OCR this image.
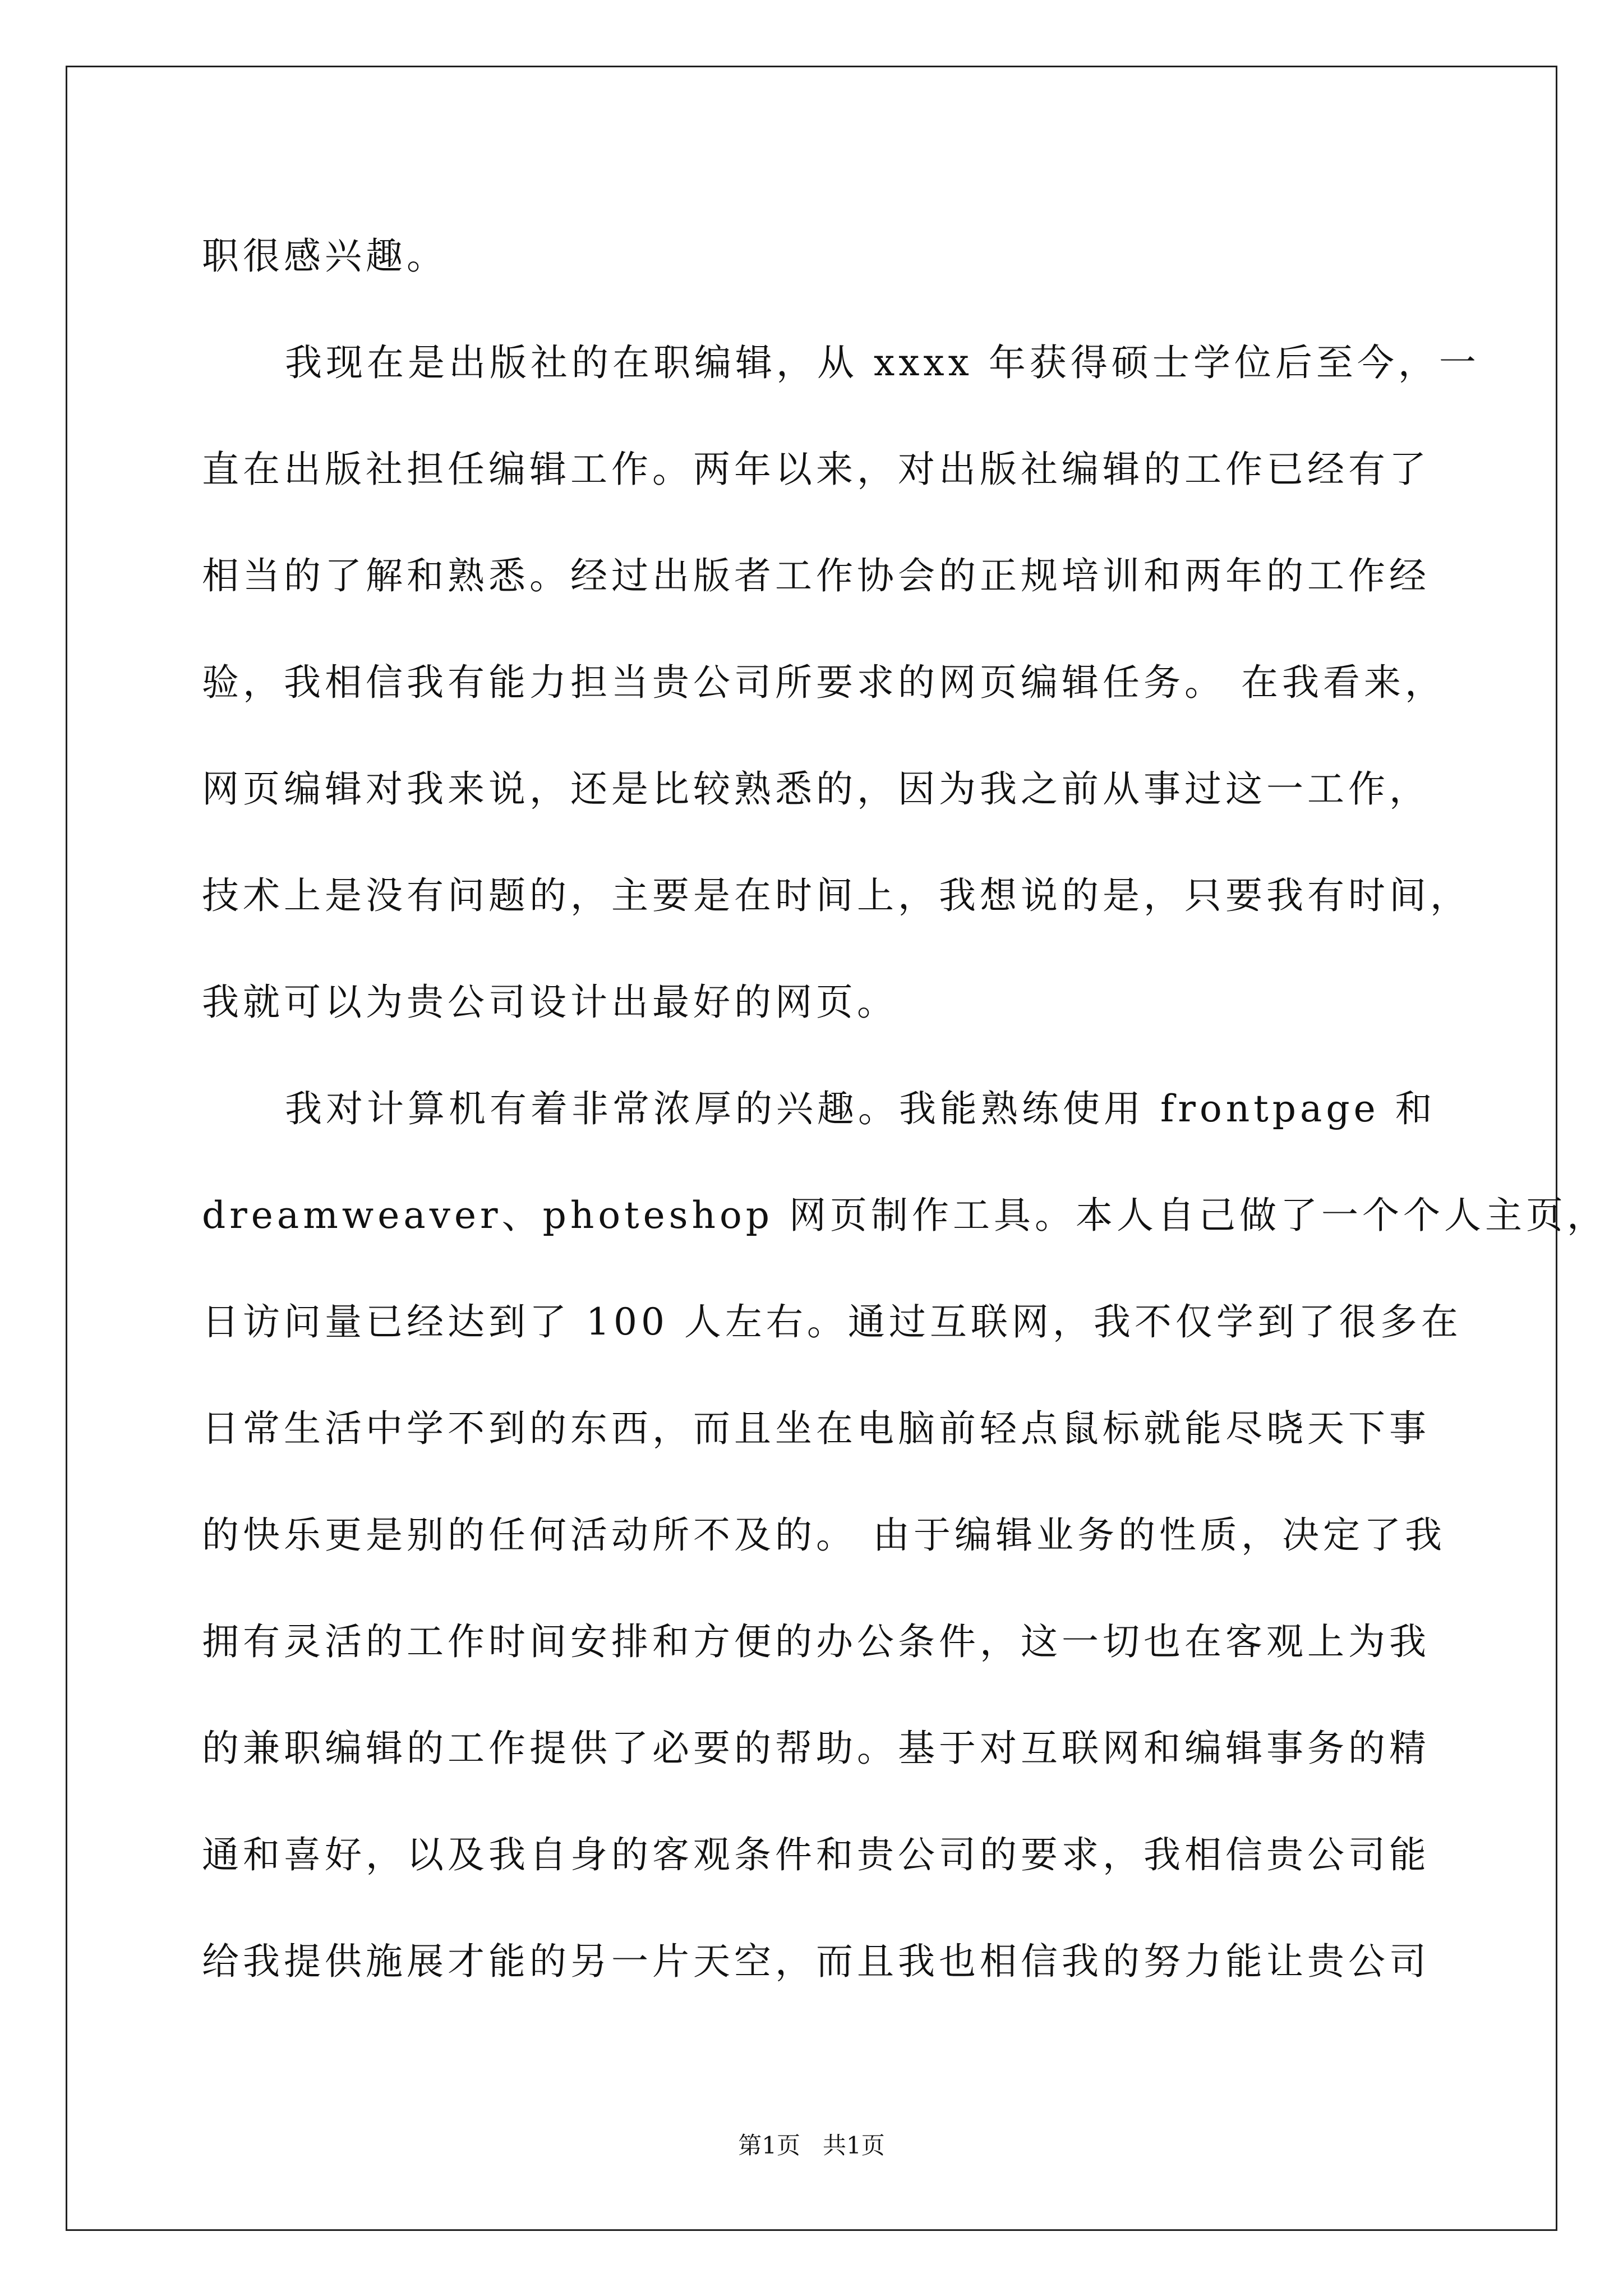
职很感兴趣。
我现在是出版社的在职编辑，从 xxxx 年获得硕士学位后至今，一
直在出版社担任编辑工作。两年以来，对出版社编辑的工作已经有了
相当的了解和熟悉。经过出版者工作协会的正规培训和两年的工作经
验，我相信我有能力担当贵公司所要求的网页编辑任务。 在我看来，
网页编辑对我来说，还是比较熟悉的，因为我之前从事过这一工作，
技术上是没有问题的，主要是在时间上，我想说的是，只要我有时间，
我就可以为贵公司设计出最好的网页。
我对计算机有着非常浓厚的兴趣。我能熟练使用 frontpage 和
dreamweaver、photeshop 网页制作工具。本人自己做了一个个人主页，
日访问量已经达到了 100 人左右。通过互联网，我不仅学到了很多在
日常生活中学不到的东西，而且坐在电脑前轻点鼠标就能尽晓天下事
的快乐更是别的任何活动所不及的。 由于编辑业务的性质，决定了我
拥有灵活的工作时间安排和方便的办公条件，这一切也在客观上为我
的兼职编辑的工作提供了必要的帮助。基于对互联网和编辑事务的精
通和喜好，以及我自身的客观条件和贵公司的要求，我相信贵公司能
给我提供施展才能的另一片天空，而且我也相信我的努力能让贵公司
第1页   共1页
